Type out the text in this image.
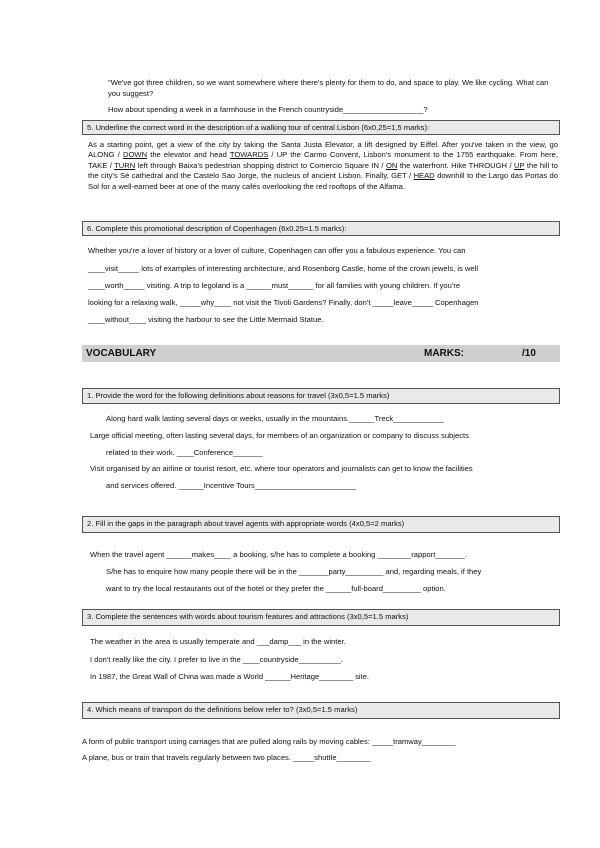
"We've got three children, so we want somewhere where there's plenty for them to do, and space to play. We like cycling. What can you suggest?
How about spending a week in a farmhouse in the French countryside___________________?
5. Underline the correct word in the description of a walking tour of central Lisbon (6x0,25=1,5 marks):
As a starting point, get a view of the city by taking the Santa Justa Elevator, a lift designed by Eiffel. After you've taken in the view, go ALONG / DOWN the elevator and head TOWARDS / UP the Carmo Convent, Lisbon's monument to the 1755 earthquake. From here, TAKE / TURN left through Baixa's pedestrian shopping district to Comercio Square IN / ON the waterfront. Hike THROUGH / UP the hill to the city's Sé cathedral and the Castelo Sao Jorge, the nucleus of ancient Lisbon. Finally, GET / HEAD downhill to the Largo das Portas do Sol for a well-earned beer at one of the many cafés overlooking the red rooftops of the Alfama.
6. Complete this promotional description of Copenhagen (6x0.25=1.5 marks):
Whether you're a lover of history or a lover of culture, Copenhagen can offer you a fabulous experience. You can
____visit_____ lots of examples of interesting architecture, and Rosenborg Castle, home of the crown jewels, is well
____worth_____ visiting. A trip to legoland is a ______must______ for all families with young children. If you're
looking for a relaxing walk, _____why____ not visit the Tivoli Gardens? Finally, don't _____leave_____ Copenhagen
____without____ visiting the harbour to see the Little Mermaid Statue.
VOCABULARY	MARKS:	/10
1. Provide the word for the following definitions about reasons for travel (3x0,5=1.5 marks)
Along hard walk lasting several days or weeks, usually in the mountains.______Treck____________
Large official meeting, often lasting several days, for members of an organization or company to discuss subjects
related to their work. ____Conference_______
Visit organised by an airline or tourist resort, etc. where tour operators and journalists can get to know the facilities
and services offered. ______Incentive Tours________________________
2. Fill in the gaps in the paragraph about travel agents with appropriate words (4x0,5=2 marks)
When the travel agent ______makes____ a booking, s/he has to complete a booking ________rapport_______.
S/he has to enquire how many people there will be in the _______party_________ and, regarding meals, if they
want to try the local restaurants out of the hotel or they prefer the ______full-board_________ option.
3. Complete the sentences with words about tourism features and attractions (3x0,5=1.5 marks)
The weather in the area is usually temperate and ___damp___ in the winter.
I don't really like the city. I prefer to live in the ____countryside__________.
In 1987, the Great Wall of China was made a World ______Heritage________ site.
4. Which means of transport do the definitions below refer to? (3x0,5=1.5 marks)
A form of public transport using carriages that are pulled along rails by moving cables: _____tramway________
A plane, bus or train that travels regularly between two places. _____shuttle________
